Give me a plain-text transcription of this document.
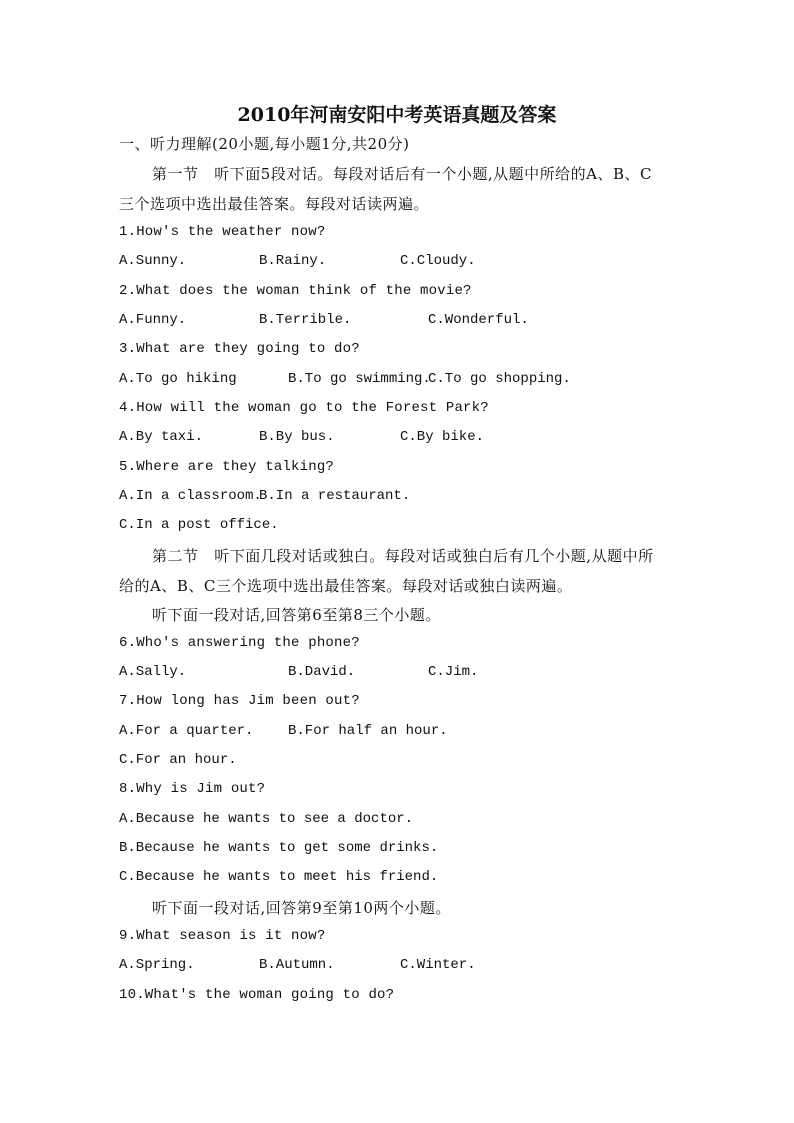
2010年河南安阳中考英语真题及答案
一、听力理解(20小题,每小题1分,共20分)
第一节   听下面5段对话。每段对话后有一个小题,从题中所给的A、B、C
三个选项中选出最佳答案。每段对话读两遍。
1.How's the weather now?
A.Sunny.	B.Rainy.	C.Cloudy.
2.What does the woman think of the movie?
A.Funny.	B.Terrible.	C.Wonderful.
3.What are they going to do?
A.To go hiking	B.To go swimming.
C.To go shopping.
4.How will the woman go to the Forest Park?
A.By taxi.	B.By bus.	C.By bike.
5.Where are they talking?
A.In a classroom.
B.In a restaurant.
C.In a post office.
第二节   听下面几段对话或独白。每段对话或独白后有几个小题,从题中所
给的A、B、C三个选项中选出最佳答案。每段对话或独白读两遍。
听下面一段对话,回答第6至第8三个小题。
6.Who's answering the phone?
A.Sally.	B.David.	C.Jim.
7.How long has Jim been out?
A.For a quarter. B.For half an hour.
C.For an hour.
8.Why is Jim out?
A.Because he wants to see a doctor.
B.Because he wants to get some drinks.
C.Because he wants to meet his friend.
听下面一段对话,回答第9至第10两个小题。
9.What season is it now?
A.Spring.	B.Autumn.	C.Winter.
10.What's the woman going to do?
